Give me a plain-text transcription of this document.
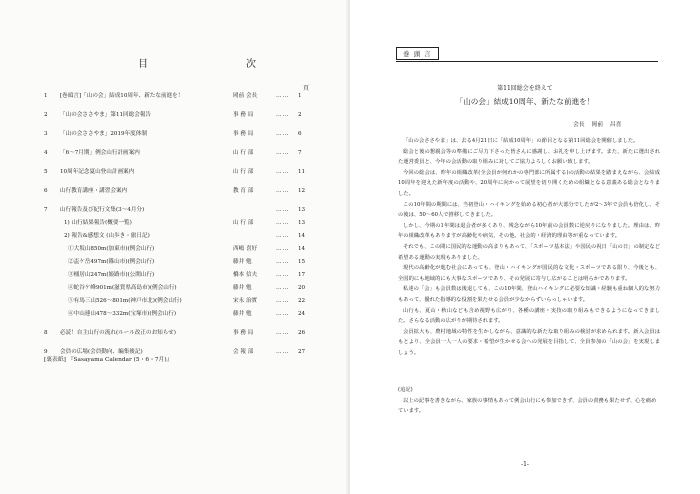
目	次
頁
1 [巻頭言]「山の会」結成10周年、新たな前進を！	岡前 会長	…… 1
2 「山の会ささやま」第11回総会報告	事 務 局	…… 2
3 「山の会ささやま」2019年度体制	事 務 局	…… 6
4 「6～7月期」例会山行計画案内	山 行 部	…… 7
5 10周年記念夏山登山計画案内	山 行 部	…… 11
6 山行教育講座・講習会案内	教 育 部	…… 12
7 山行報告及び紀行文集(3～4月分)	…… 13
1) 山行結果報告(概要一覧)	山 行 部	…… 13
2) 報告&感想文 (山歩き・旅日記)	…… 14
①大坂山850m(加東市)(例会山行)	西嶋 喜好	…… 14
②盃ケ岳497m(篠山市)(例会山行)	藤井 勉	…… 15
③桶居山247m(姫路市)(公開山行)	橋本 信夫	…… 17
④蛇谷ケ峰901m(滋賀県高島市)(例会山行)	藤井 勉	…… 20
⑤有馬三山526～801m(神戸市北)(例会山行)	宋永 治實	…… 22
⑥中山連山478～332m(宝塚市)(例会山行)	藤井 勉	…… 24
8 必読！自主山行の流れ(ルール改正のお知らせ)	事 務 局	…… 26
9 会員の広場(会員動向、編集後記)	会 報 部	…… 27
[裏表紙] 『Sasayama Calendar (5・6・7月)』
巻 頭 言
第11回総会を終えて
「山の会」結成10周年、新たな前進を！
会長 岡前 昌喜

「山の会ささやま」は、去る4月21日に「結成10周年」の節目となる第11回総会を開催しました。

総会と後の懇親会等の準備にご尽力下さった皆さんに感謝し、お礼を申し上げます。また、新たに選出された運営委員と、今年の会活動の取り組みに対してご協力よろしくお願い致します。

今回の総会は、昨年の組織改革(全会員が何れかの専門部に所属する)の活動の結果を踏まえながら、会結成10周年を迎えた新年度の活動や、20周年に向かって展望を切り開くための組織となる意義ある総会となりました。

この10年間の期間には、当初登山・ハイキングを始める初心者が大部分でしたが2～3年で会員も倍化し、その後は、50～60人で推移してきました。

しかし、今期の1年間は退会者が多くあり、残念ながら10年前の会員数に逆戻りになりました。理由は、昨年の組織改革もありますが高齢化や病気、その他、社会的・経済的理由等が重なっています。

それでも、この間に国民的な運動の高まりもあって、「スポーツ基本法」や国民の祝日「山の日」の制定など希望ある運動の実現もありました。

現代の高齢化が進む社会にあっても、登山・ハイキングが国民的な文化・スポーツである限り、今後とも、全国的にも地域的にも大事なスポーツであり、その発展に寄与し広がることは明らかであります。

私達の「会」も会員数は後退しても、この10年間、登山ハイキングに必要な知識・経験も重ね個人的な努力もあって、優れた指導的な役割を果たせる会員が少なからずいらっしゃいます。

山行も、夏山・秋山なども含め視野も広がり、各種の講座・実技の取り組みもできるようになってきました。さらなる活動の広がりが期待されます。

会員拡大も、農村地域の特性を生かしながら、意識的な新たな取り組みの検討が求められます。新入会員はもとより、全会員一人一人の要求・希望が生かせる会への発展を目指して、全員参加の「山の会」を実現しましょう。

(追記)
以上の記事を書きながら、家族の事情もあって例会山行にも参加できず、会員の責務も果たせず、心を痛めています。
-1-
